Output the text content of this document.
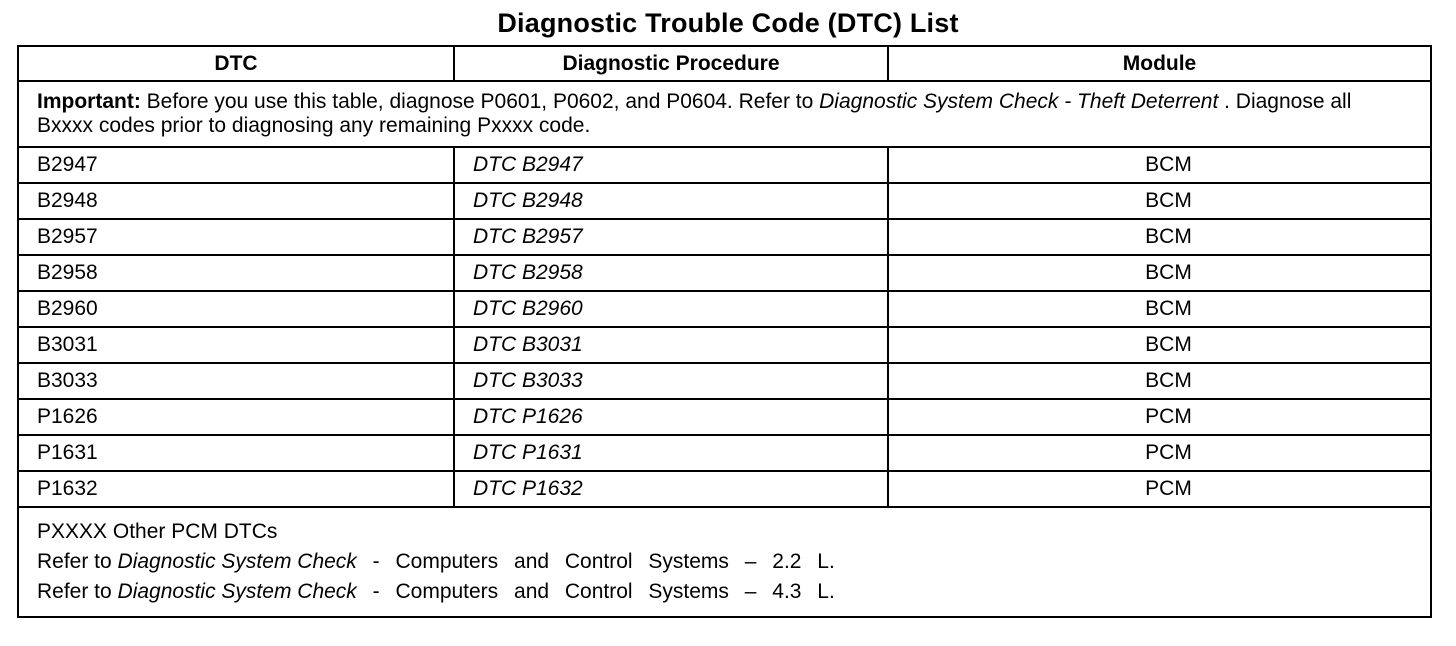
Diagnostic Trouble Code (DTC) List
DTC	Diagnostic Procedure	Module
Important: Before you use this table, diagnose P0601, P0602, and P0604. Refer to Diagnostic System Check - Theft Deterrent . Diagnose all Bxxxx codes prior to diagnosing any remaining Pxxxx code.		
B2947	DTC B2947	BCM
B2948	DTC B2948	BCM
B2957	DTC B2957	BCM
B2958	DTC B2958	BCM
B2960	DTC B2960	BCM
B3031	DTC B3031	BCM
B3033	DTC B3033	BCM
P1626	DTC P1626	PCM
P1631	DTC P1631	PCM
P1632	DTC P1632	PCM

PXXXX Other PCM DTCs
Refer to Diagnostic System Check - Computers and Control Systems – 2.2 L.
Refer to Diagnostic System Check - Computers and Control Systems – 4.3 L.		
